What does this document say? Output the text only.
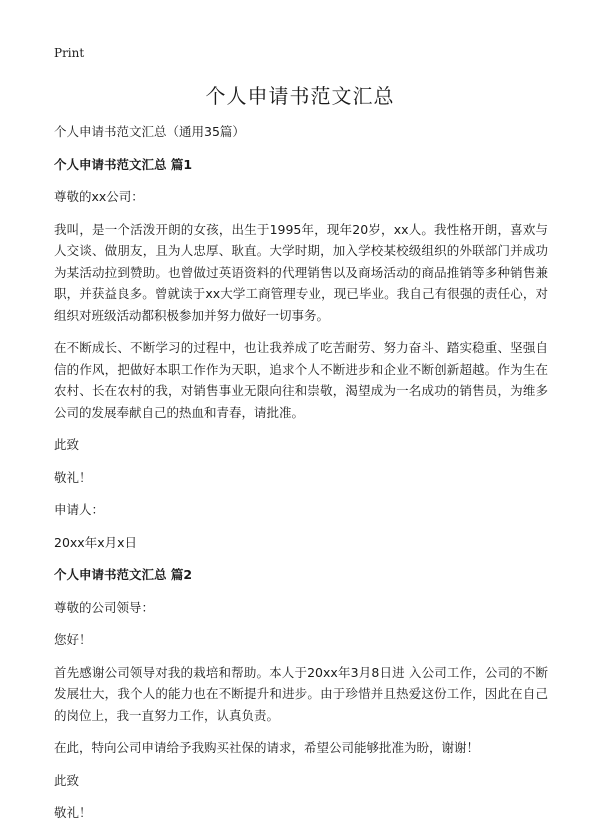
Print
个人申请书范文汇总

个人申请书范文汇总（通用35篇）

个人申请书范文汇总 篇1

尊敬的xx公司：

我叫，是一个活泼开朗的女孩，出生于1995年，现年20岁，xx人。我性格开朗，喜欢与人交谈、做朋友，且为人忠厚、耿直。大学时期，加入学校某校级组织的外联部门并成功为某活动拉到赞助。也曾做过英语资料的代理销售以及商场活动的商品推销等多种销售兼职，并获益良多。曾就读于xx大学工商管理专业，现已毕业。我自己有很强的责任心，对组织对班级活动都积极参加并努力做好一切事务。

在不断成长、不断学习的过程中，也让我养成了吃苦耐劳、努力奋斗、踏实稳重、坚强自信的作风，把做好本职工作作为天职，追求个人不断进步和企业不断创新超越。作为生在农村、长在农村的我，对销售事业无限向往和崇敬，渴望成为一名成功的销售员，为维多公司的发展奉献自己的热血和青春，请批准。

此致

敬礼！

申请人：

20xx年x月x日

个人申请书范文汇总 篇2

尊敬的公司领导：

您好！

首先感谢公司领导对我的栽培和帮助。本人于20xx年3月8日进 入公司工作，公司的不断发展壮大，我个人的能力也在不断提升和进步。由于珍惜并且热爱这份工作，因此在自己的岗位上，我一直努力工作，认真负责。

在此，特向公司申请给予我购买社保的请求，希望公司能够批准为盼，谢谢！

此致

敬礼！
